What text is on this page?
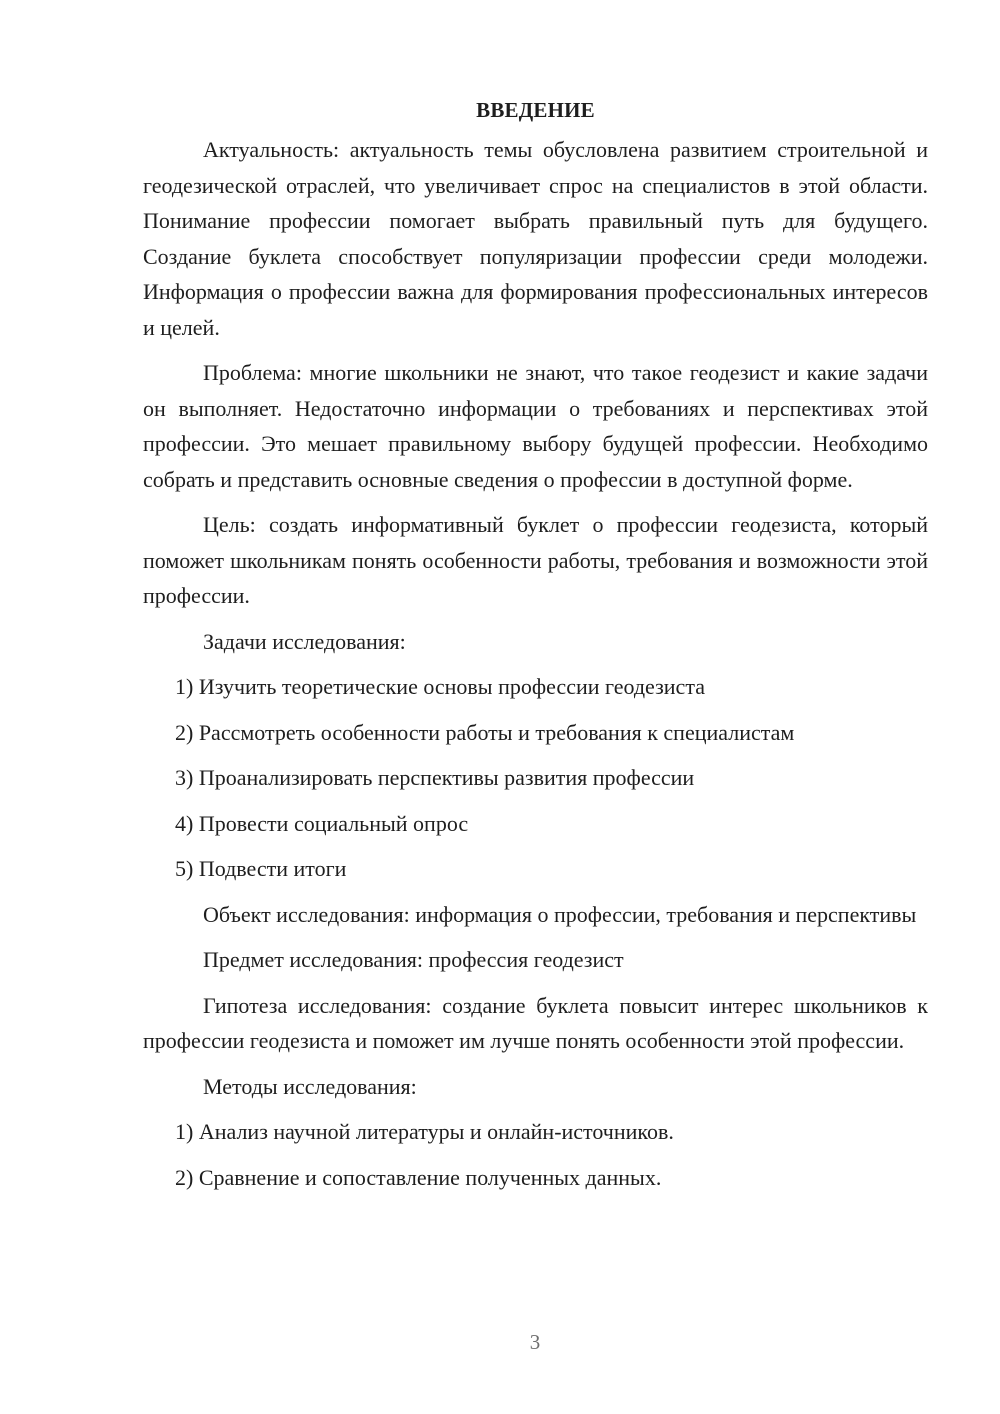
ВВЕДЕНИЕ

Актуальность: актуальность темы обусловлена развитием строительной и геодезической отраслей, что увеличивает спрос на специалистов в этой области. Понимание профессии помогает выбрать правильный путь для будущего. Создание буклета способствует популяризации профессии среди молодежи. Информация о профессии важна для формирования профессиональных интересов и целей.

Проблема: многие школьники не знают, что такое геодезист и какие задачи он выполняет. Недостаточно информации о требованиях и перспективах этой профессии. Это мешает правильному выбору будущей профессии. Необходимо собрать и представить основные сведения о профессии в доступной форме.

Цель: создать информативный буклет о профессии геодезиста, который поможет школьникам понять особенности работы, требования и возможности этой профессии.

Задачи исследования:

1) Изучить теоретические основы профессии геодезиста
2) Рассмотреть особенности работы и требования к специалистам
3) Проанализировать перспективы развития профессии
4) Провести социальный опрос
5) Подвести итоги

Объект исследования: информация о профессии, требования и перспективы

Предмет исследования: профессия геодезист

Гипотеза исследования: создание буклета повысит интерес школьников к профессии геодезиста и поможет им лучше понять особенности этой профессии.

Методы исследования:

1) Анализ научной литературы и онлайн-источников.
2) Сравнение и сопоставление полученных данных.
3
